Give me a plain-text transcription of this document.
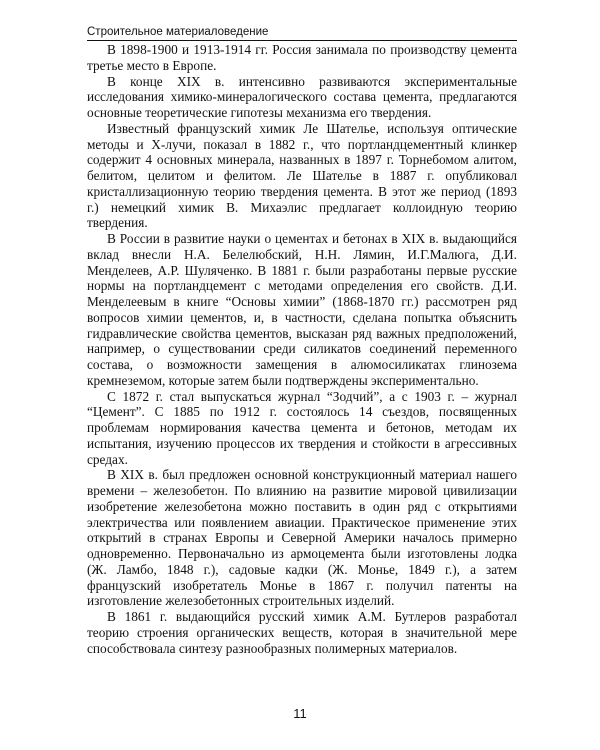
Строительное материаловедение

В 1898-1900 и 1913-1914 гг. Россия занимала по производству цемента третье место в Европе.

В конце XIX в. интенсивно развиваются экспериментальные исследования химико-минералогического состава цемента, предлагаются основные теоретические гипотезы механизма его твердения.

Известный французский химик Ле Шателье, используя оптические методы и Х-лучи, показал в 1882 г., что портландцементный клинкер содержит 4 основных минерала, названных в 1897 г. Торнебомом алитом, белитом, целитом и фелитом. Ле Шателье в 1887 г. опубликовал кристаллизационную теорию твердения цемента. В этот же период (1893 г.) немецкий химик В. Михаэлис предлагает коллоидную теорию твердения.

В России в развитие науки о цементах и бетонах в XIX в. выдающийся вклад внесли Н.А. Белелюбский, Н.Н. Лямин, И.Г.Малюга, Д.И. Менделеев, А.Р. Шуляченко. В 1881 г. были разработаны первые русские нормы на портландцемент с методами определения его свойств. Д.И. Менделеевым в книге “Основы химии” (1868-1870 гг.) рассмотрен ряд вопросов химии цементов, и, в частности, сделана попытка объяснить гидравлические свойства цементов, высказан ряд важных предположений, например, о существовании среди силикатов соединений переменного состава, о возможности замещения в алюмосиликатах глинозема кремнеземом, которые затем были подтверждены экспериментально.

С 1872 г. стал выпускаться журнал “Зодчий”, а с 1903 г. – журнал “Цемент”. С 1885 по 1912 г. состоялось 14 съездов, посвященных проблемам нормирования качества цемента и бетонов, методам их испытания, изучению процессов их твердения и стойкости в агрессивных средах.

В XIX в. был предложен основной конструкционный материал нашего времени – железобетон. По влиянию на развитие мировой цивилизации изобретение железобетона можно поставить в один ряд с открытиями электричества или появлением авиации. Практическое применение этих открытий в странах Европы и Северной Америки началось примерно одновременно. Первоначально из армоцемента были изготовлены лодка (Ж. Ламбо, 1848 г.), садовые кадки (Ж. Монье, 1849 г.), а затем французский изобретатель Монье в 1867 г. получил патенты на изготовление железобетонных строительных изделий.

В 1861 г. выдающийся русский химик А.М. Бутлеров разработал теорию строения органических веществ, которая в значительной мере способствовала синтезу разнообразных полимерных материалов.

11
